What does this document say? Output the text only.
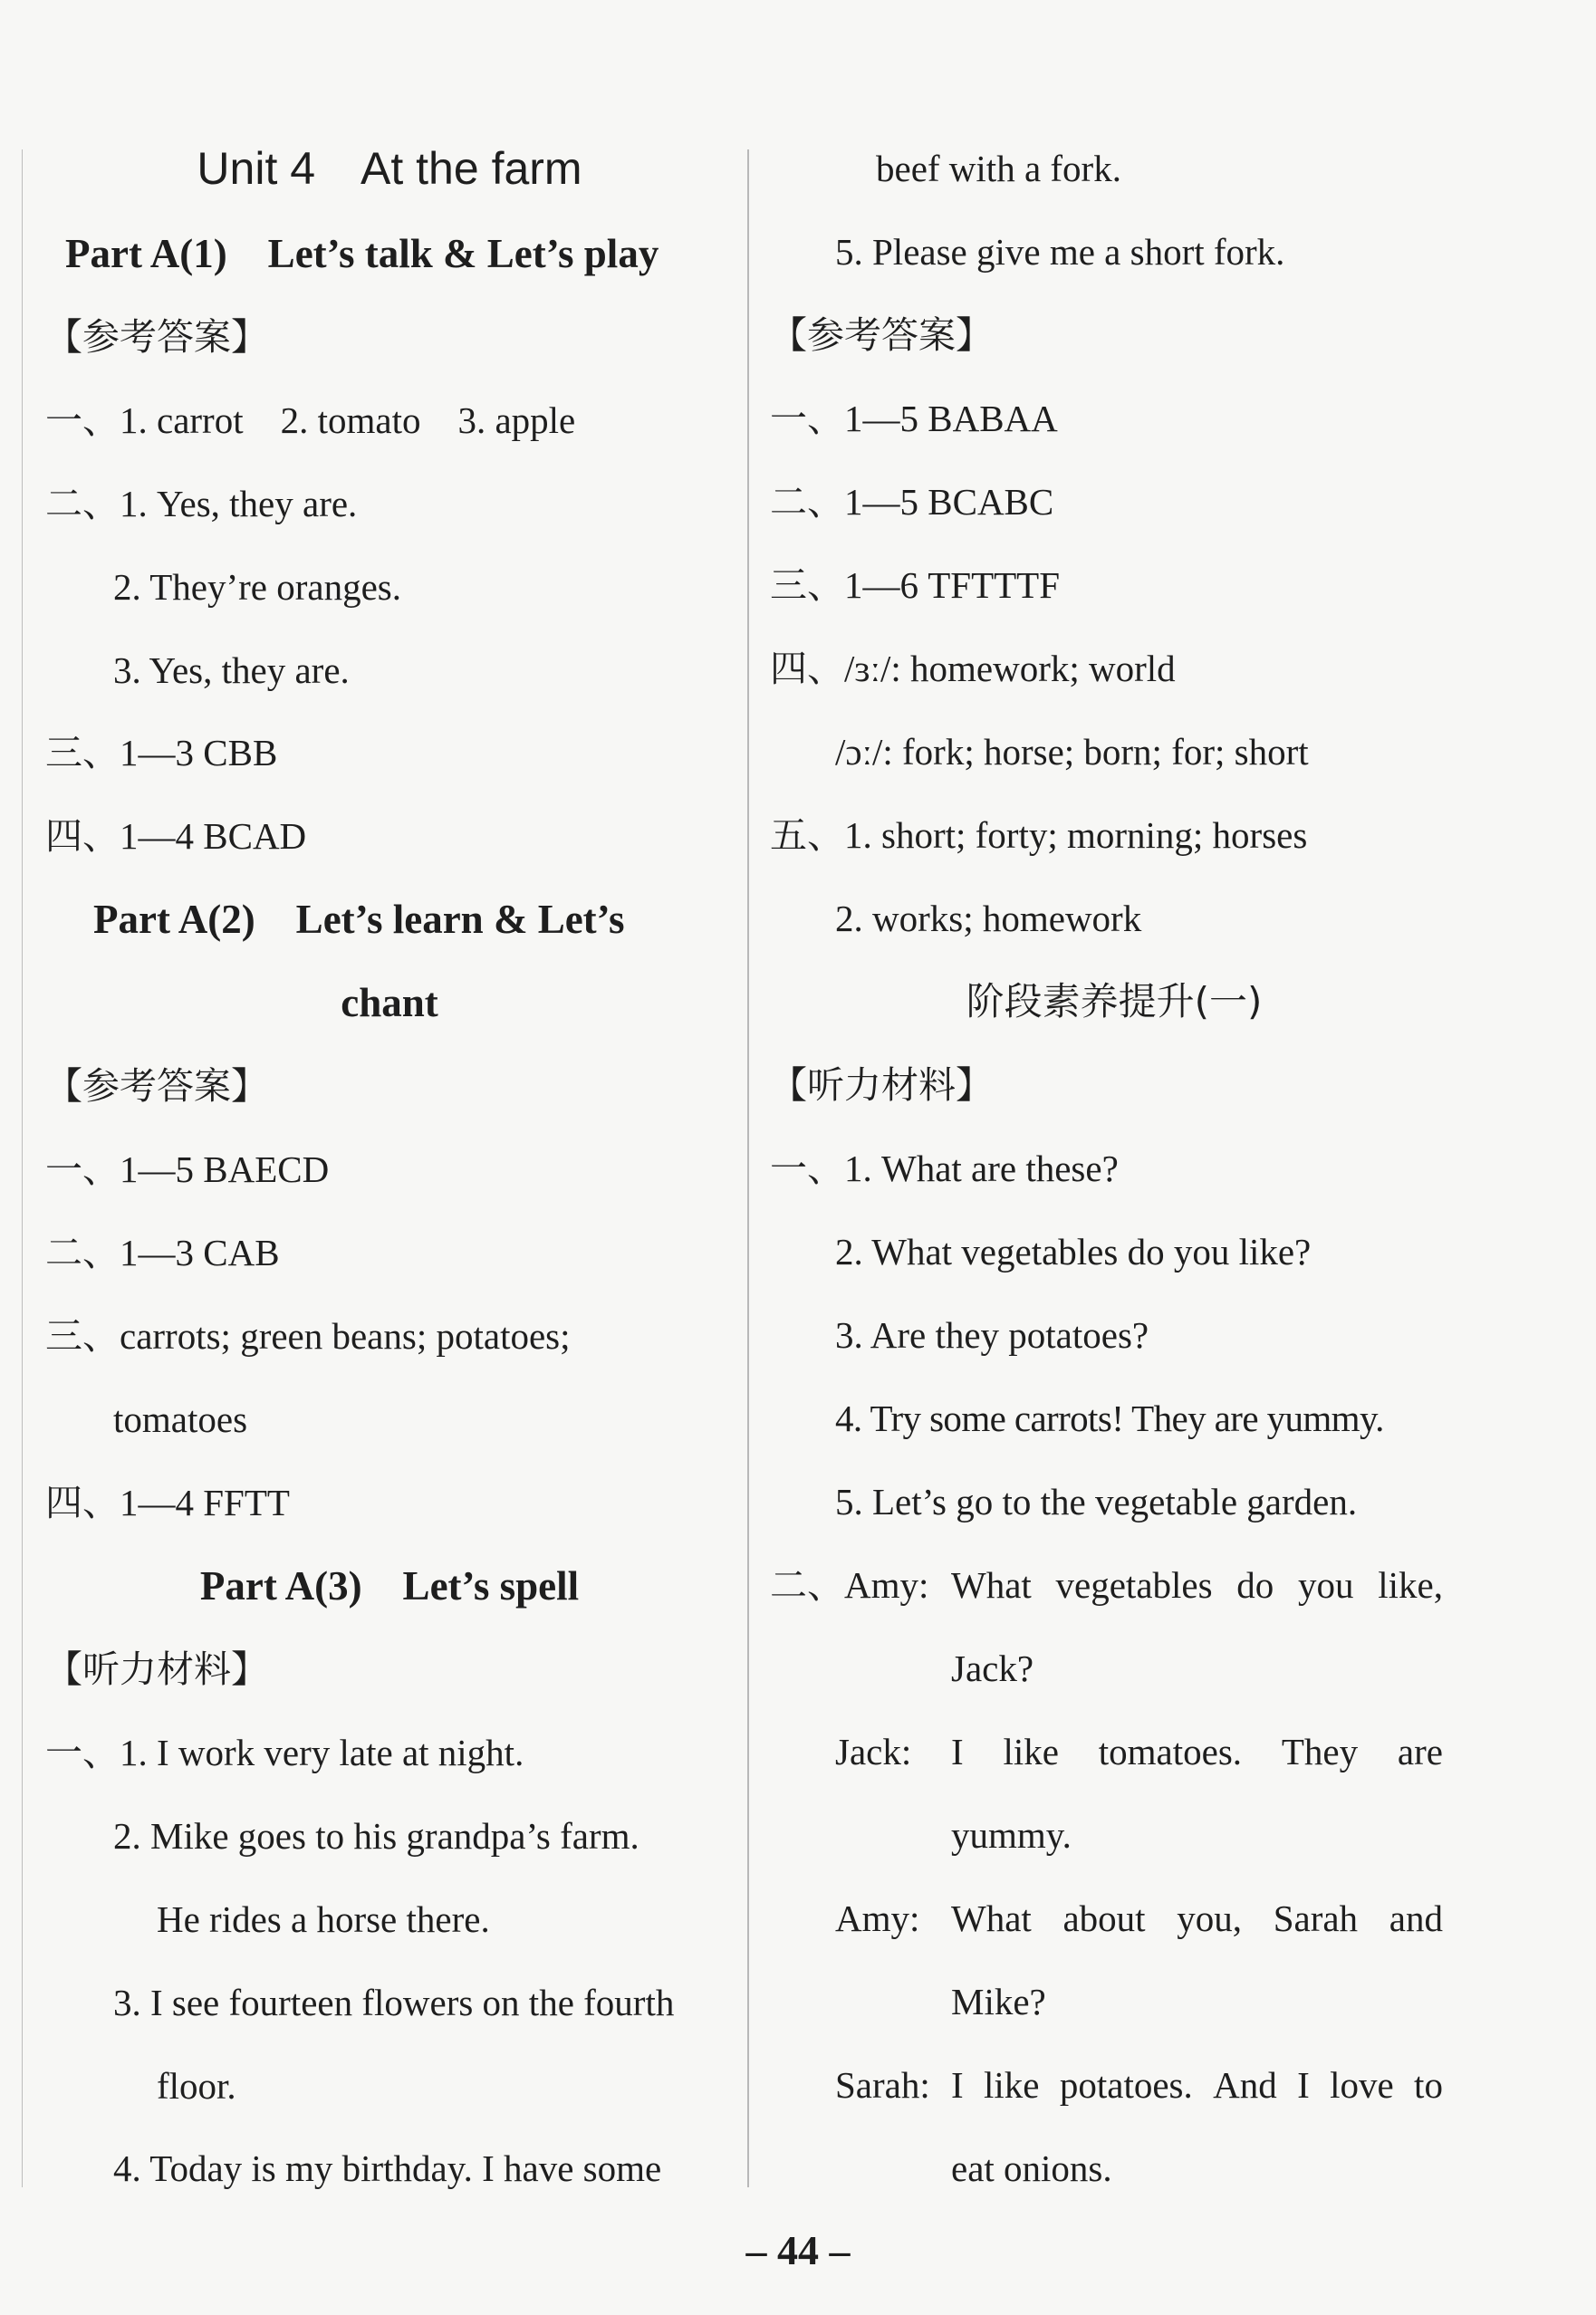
Unit 4　At the farm
Part A(1)　Let’s talk & Let’s play
【参考答案】
一、1. carrot　2. tomato　3. apple
二、1. Yes, they are.
2. They’re oranges.
3. Yes, they are.
三、1—3 CBB
四、1—4 BCAD
Part A(2)　Let’s learn & Let’s
chant
【参考答案】
一、1—5 BAECD
二、1—3 CAB
三、carrots; green beans; potatoes;
tomatoes
四、1—4 FFTT
Part A(3)　Let’s spell
【听力材料】
一、1. I work very late at night.
2. Mike goes to his grandpa’s farm.
He rides a horse there.
3. I see fourteen flowers on the fourth
floor.
4. Today is my birthday. I have some
beef with a fork.
5. Please give me a short fork.
【参考答案】
一、1—5 BABAA
二、1—5 BCABC
三、1—6 TFTTTF
四、/ɜː/: homework; world
/ɔː/: fork; horse; born; for; short
五、1. short; forty; morning; horses
2. works; homework
阶段素养提升(一)
【听力材料】
一、1. What are these?
2. What vegetables do you like?
3. Are they potatoes?
4. Try some carrots! They are yummy.
5. Let’s go to the vegetable garden.
二、Amy: What vegetables do you like,
Jack?
Jack: I like tomatoes. They are
yummy.
Amy: What about you, Sarah and
Mike?
Sarah: I like potatoes. And I love to
eat onions.
– 44 –
